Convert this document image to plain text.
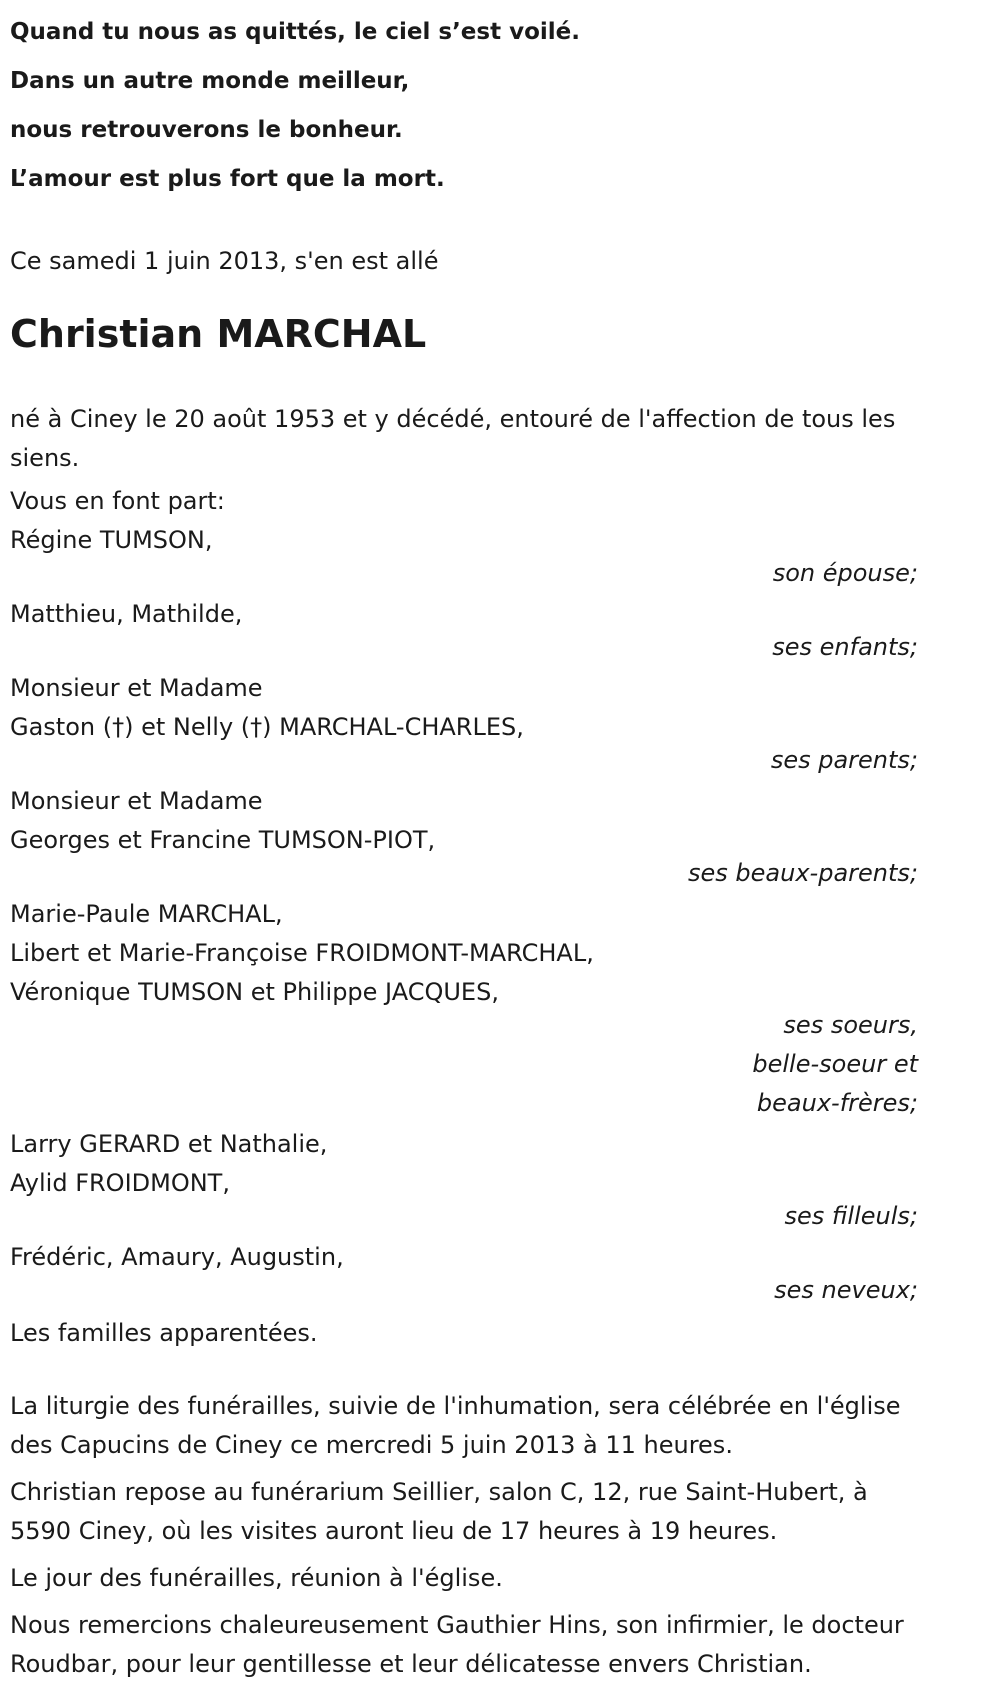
Quand tu nous as quittés, le ciel s’est voilé.
Dans un autre monde meilleur,
nous retrouverons le bonheur.
L’amour est plus fort que la mort.

Ce samedi 1 juin 2013, s'en est allé

Christian MARCHAL

né à Ciney le 20 août 1953 et y décédé, entouré de l'affection de tous les siens.

Vous en font part:

Régine TUMSON,
son épouse;
Matthieu, Mathilde,
ses enfants;
Monsieur et Madame
Gaston (†) et Nelly (†) MARCHAL-CHARLES,
ses parents;
Monsieur et Madame
Georges et Francine TUMSON-PIOT,
ses beaux-parents;
Marie-Paule MARCHAL,
Libert et Marie-Françoise FROIDMONT-MARCHAL,
Véronique TUMSON et Philippe JACQUES,
ses soeurs,
belle-soeur et
beaux-frères;
Larry GERARD et Nathalie,
Aylid FROIDMONT,
ses filleuls;
Frédéric, Amaury, Augustin,
ses neveux;

Les familles apparentées.

La liturgie des funérailles, suivie de l'inhumation, sera célébrée en l'église des Capucins de Ciney ce mercredi 5 juin 2013 à 11 heures.

Christian repose au funérarium Seillier, salon C, 12, rue Saint-Hubert, à 5590 Ciney, où les visites auront lieu de 17 heures à 19 heures.

Le jour des funérailles, réunion à l'église.

Nous remercions chaleureusement Gauthier Hins, son infirmier, le docteur Roudbar, pour leur gentillesse et leur délicatesse envers Christian.
